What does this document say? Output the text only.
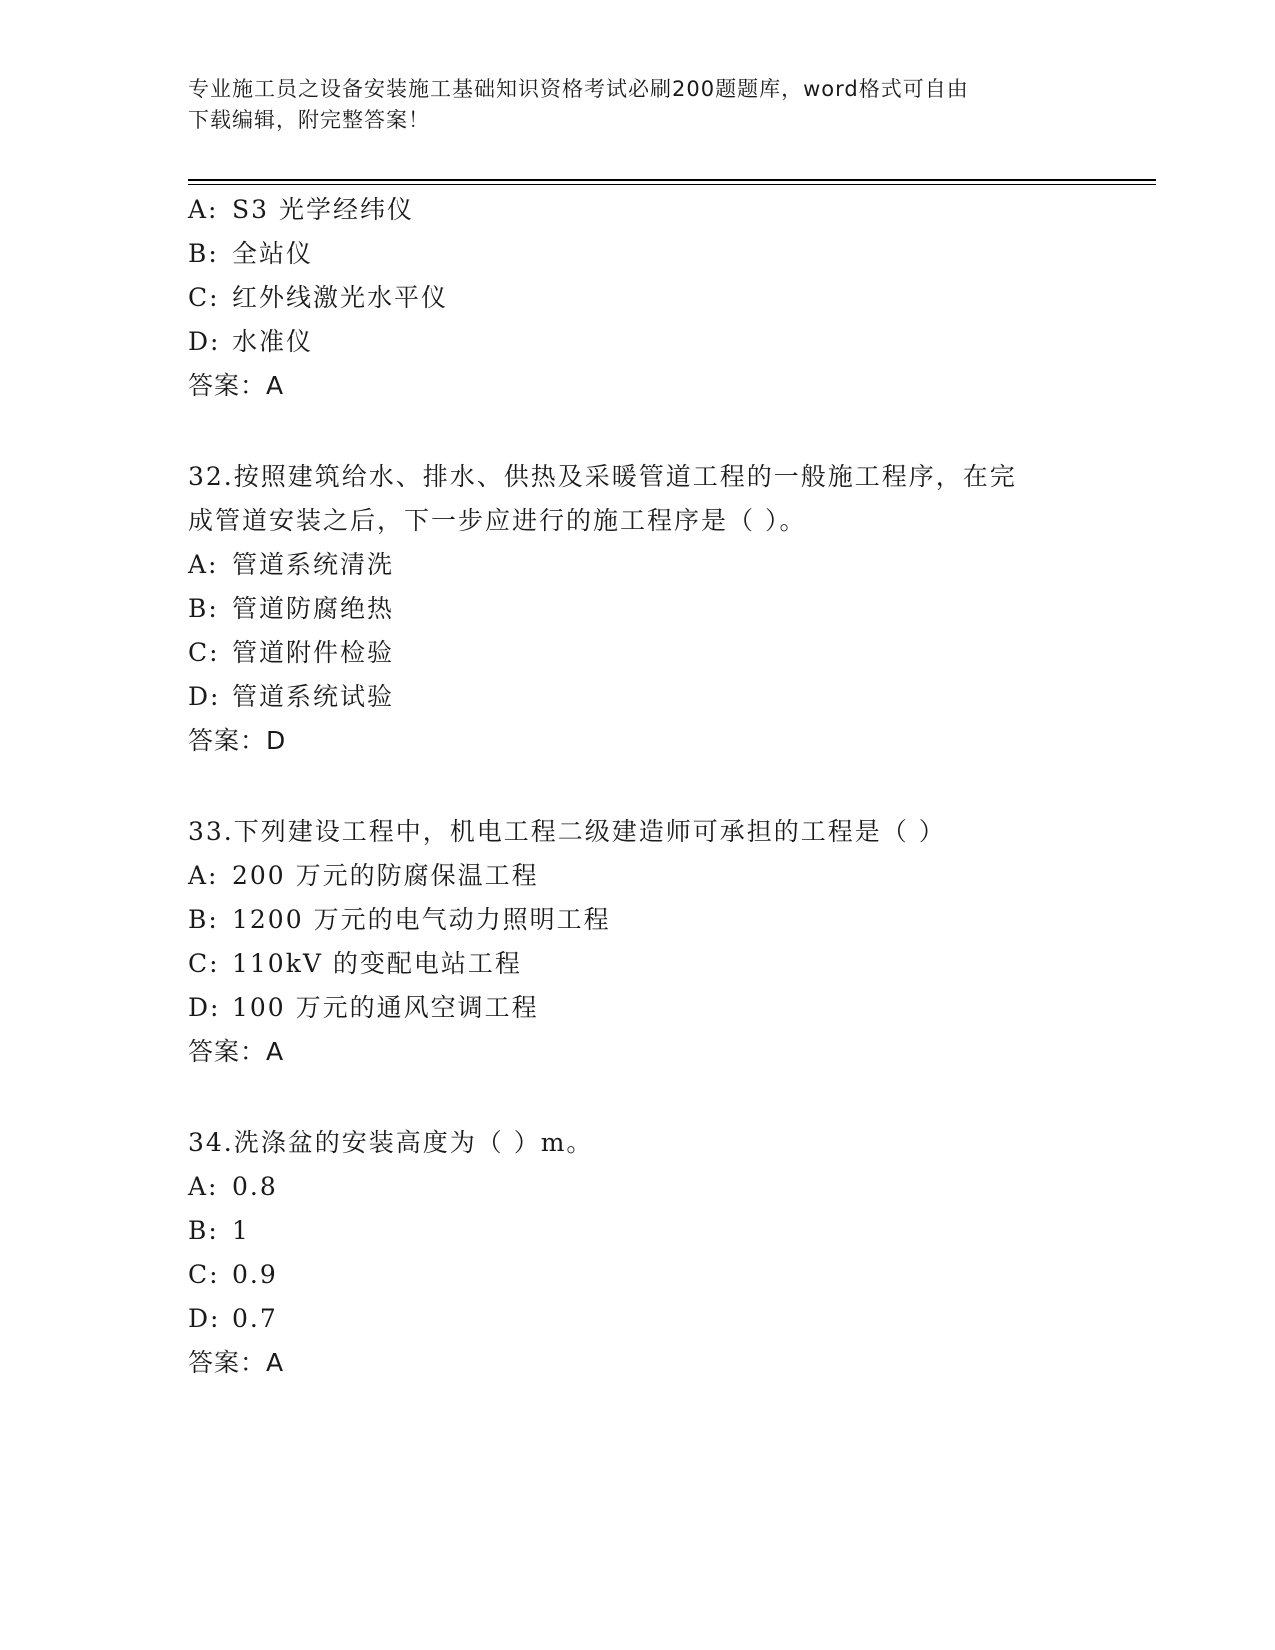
专业施工员之设备安装施工基础知识资格考试必刷200题题库，word格式可自由
下载编辑，附完整答案！
A: S3 光学经纬仪
B: 全站仪
C: 红外线激光水平仪
D: 水准仪
答案：A
32.按照建筑给水、排水、供热及采暖管道工程的一般施工程序，在完
成管道安装之后，下一步应进行的施工程序是（ ）。
A: 管道系统清洗
B: 管道防腐绝热
C: 管道附件检验
D: 管道系统试验
答案：D
33.下列建设工程中，机电工程二级建造师可承担的工程是（ ）
A: 200 万元的防腐保温工程
B: 1200 万元的电气动力照明工程
C: 110kV 的变配电站工程
D: 100 万元的通风空调工程
答案：A
34.洗涤盆的安装高度为（ ）m。
A: 0.8
B: 1
C: 0.9
D: 0.7
答案：A
